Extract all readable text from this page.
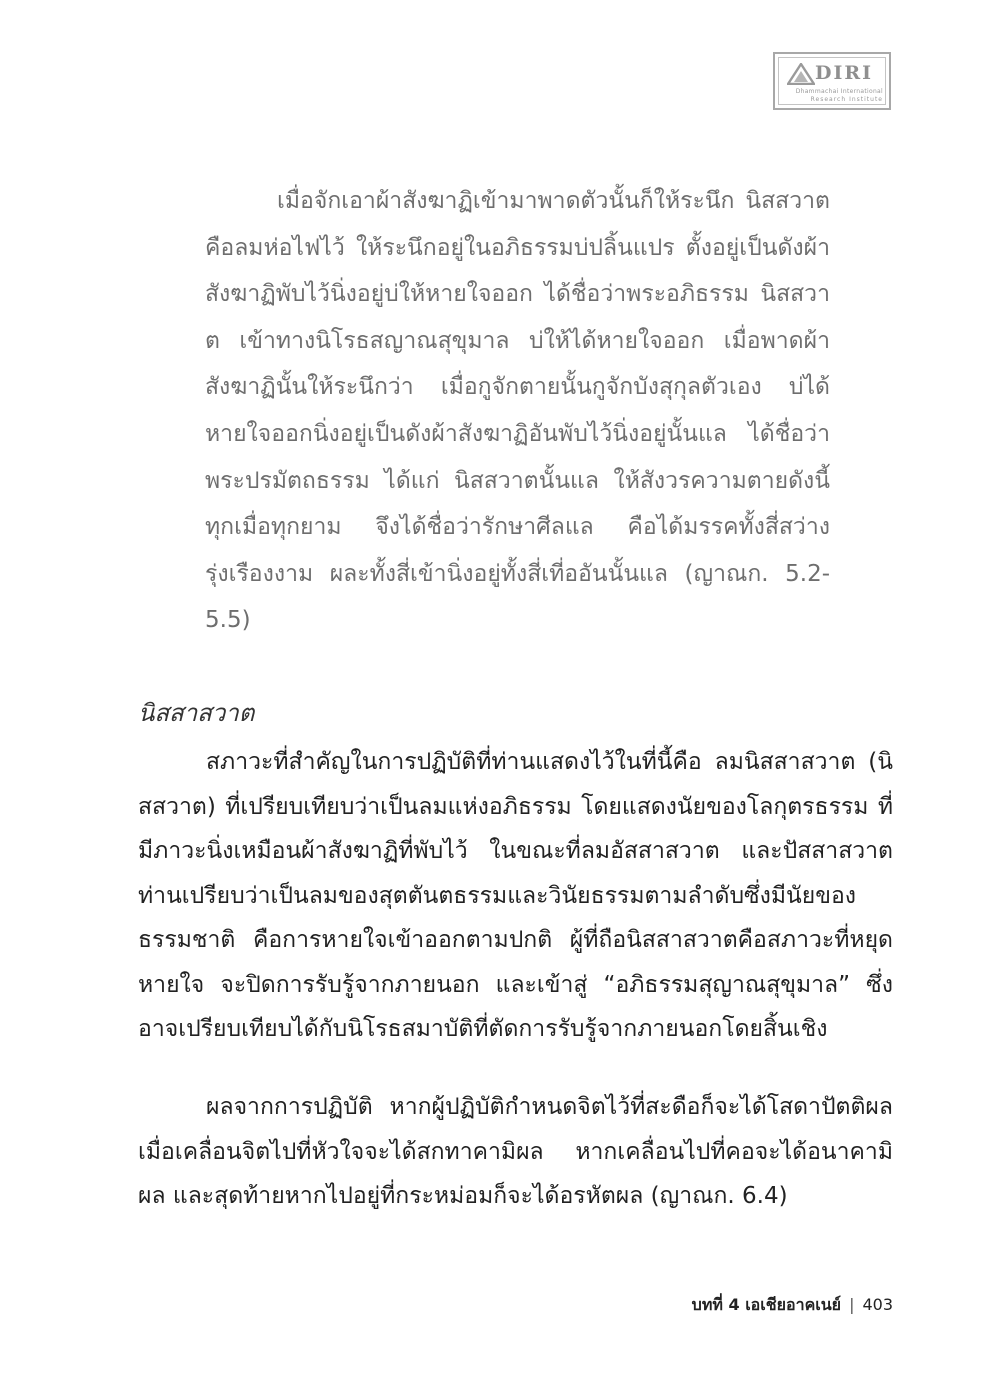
DIRI
Dhammachai International
Research Institute

เมื่อจักเอาผ้าสังฆาฏิเข้ามาพาดตัวนั้นก็ให้ระนึก นิสสวาต คือลมห่อไฟไว้ ให้ระนึกอยู่ในอภิธรรมบ่ปลิ้นแปร ตั้งอยู่เป็นดังผ้าสังฆาฏิพับไว้นิ่งอยู่บ่ให้หายใจออก ได้ชื่อว่าพระอภิธรรม นิสสวาต เข้าทางนิโรธสญาณสุขุมาล บ่ให้ได้หายใจออก เมื่อพาดผ้าสังฆาฏินั้นให้ระนึกว่า เมื่อกูจักตายนั้นกูจักบังสุกุลตัวเอง บ่ได้หายใจออกนิ่งอยู่เป็นดังผ้าสังฆาฏิอันพับไว้นิ่งอยู่นั้นแล ได้ชื่อว่าพระปรมัตถธรรม ได้แก่ นิสสวาตนั้นแล ให้สังวรความตายดังนี้ทุกเมื่อทุกยาม จึงได้ชื่อว่ารักษาศีลแล คือได้มรรคทั้งสี่สว่างรุ่งเรืองงาม ผละทั้งสี่เข้านิ่งอยู่ทั้งสี่เที่ออันนั้นแล (ญาณก. 5.2-5.5)

นิสสาสวาต

สภาวะที่สำคัญในการปฏิบัติที่ท่านแสดงไว้ในที่นี้คือ ลมนิสสาสวาต (นิสสวาต) ที่เปรียบเทียบว่าเป็นลมแห่งอภิธรรม โดยแสดงนัยของโลกุตรธรรม ที่มีภาวะนิ่งเหมือนผ้าสังฆาฏิที่พับไว้ ในขณะที่ลมอัสสาสวาต และปัสสาสวาต ท่านเปรียบว่าเป็นลมของสุตตันตธรรมและวินัยธรรมตามลำดับซึ่งมีนัยของธรรมชาติ คือการหายใจเข้าออกตามปกติ ผู้ที่ถือนิสสาสวาตคือสภาวะที่หยุดหายใจ จะปิดการรับรู้จากภายนอก และเข้าสู่ “อภิธรรมสุญาณสุขุมาล” ซึ่งอาจเปรียบเทียบได้กับนิโรธสมาบัติที่ตัดการรับรู้จากภายนอกโดยสิ้นเชิง

ผลจากการปฏิบัติ หากผู้ปฏิบัติกำหนดจิตไว้ที่สะดือก็จะได้โสดาปัตติผล เมื่อเคลื่อนจิตไปที่หัวใจจะได้สกทาคามิผล หากเคลื่อนไปที่คอจะได้อนาคามิผล และสุดท้ายหากไปอยู่ที่กระหม่อมก็จะได้อรหัตผล (ญาณก. 6.4)

บทที่ 4 เอเชียอาคเนย์ | 403
